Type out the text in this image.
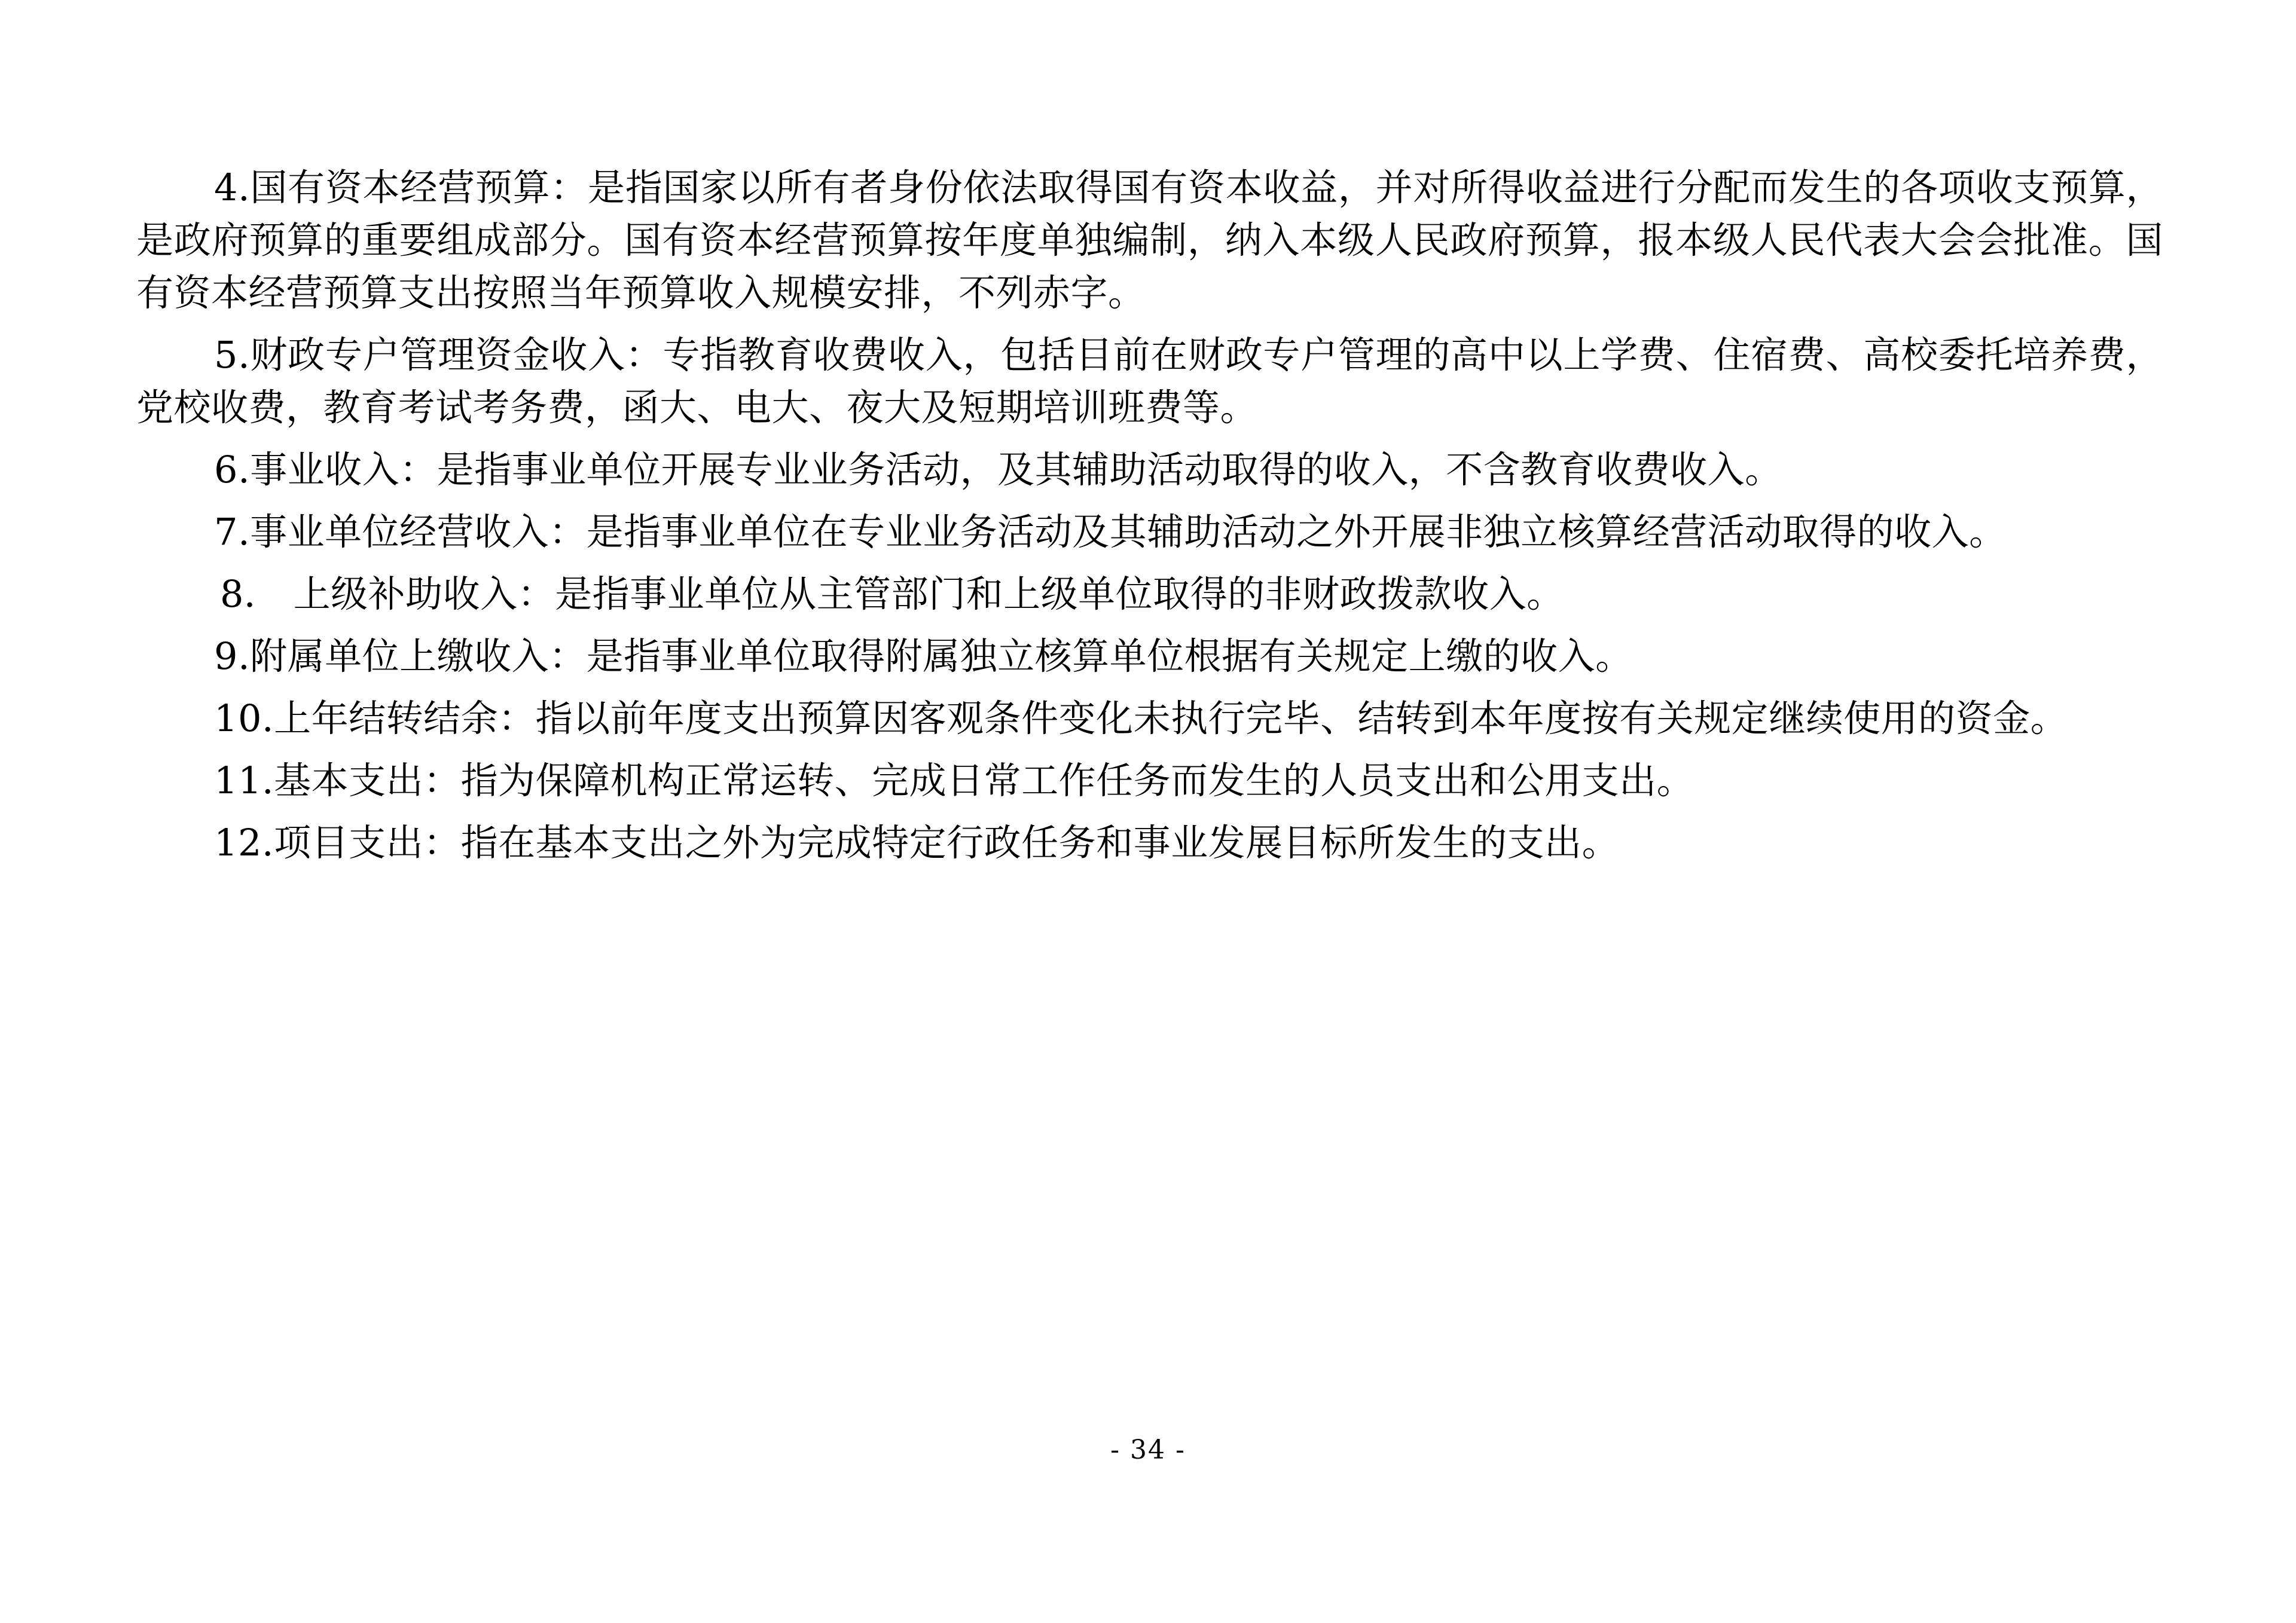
4.国有资本经营预算：是指国家以所有者身份依法取得国有资本收益，并对所得收益进行分配而发生的各项收支预算，是政府预算的重要组成部分。国有资本经营预算按年度单独编制，纳入本级人民政府预算，报本级人民代表大会会批准。国有资本经营预算支出按照当年预算收入规模安排，不列赤字。

5.财政专户管理资金收入：专指教育收费收入，包括目前在财政专户管理的高中以上学费、住宿费、高校委托培养费，党校收费，教育考试考务费，函大、电大、夜大及短期培训班费等。

6.事业收入：是指事业单位开展专业业务活动，及其辅助活动取得的收入，不含教育收费收入。

7.事业单位经营收入：是指事业单位在专业业务活动及其辅助活动之外开展非独立核算经营活动取得的收入。

8． 上级补助收入：是指事业单位从主管部门和上级单位取得的非财政拨款收入。

9.附属单位上缴收入：是指事业单位取得附属独立核算单位根据有关规定上缴的收入。

10.上年结转结余：指以前年度支出预算因客观条件变化未执行完毕、结转到本年度按有关规定继续使用的资金。

11.基本支出：指为保障机构正常运转、完成日常工作任务而发生的人员支出和公用支出。

12.项目支出：指在基本支出之外为完成特定行政任务和事业发展目标所发生的支出。

- 34 -
